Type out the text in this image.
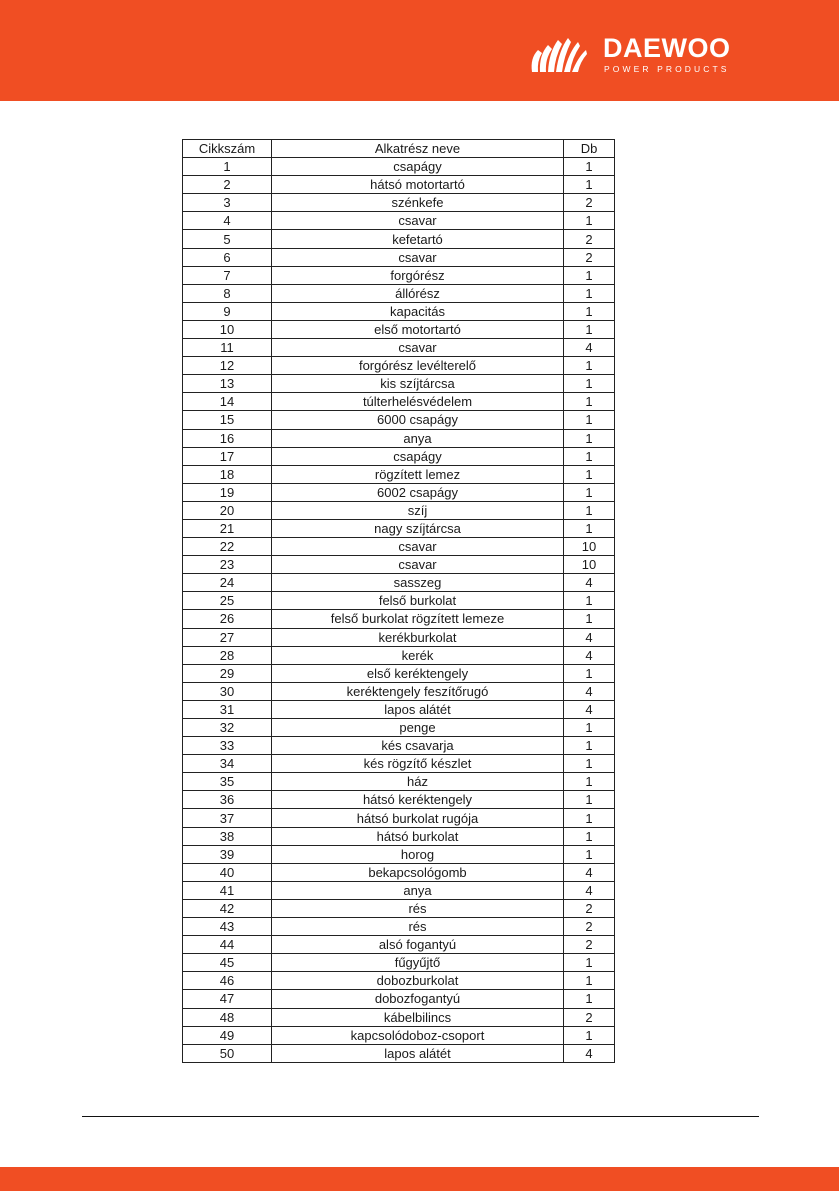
DAEWOO
POWER PRODUCTS
Cikkszám	Alkatrész neve	Db
1	csapágy	1
2	hátsó motortartó	1
3	szénkefe	2
4	csavar	1
5	kefetartó	2
6	csavar	2
7	forgórész	1
8	állórész	1
9	kapacitás	1
10	első motortartó	1
11	csavar	4
12	forgórész levélterelő	1
13	kis szíjtárcsa	1
14	túlterhelésvédelem	1
15	6000 csapágy	1
16	anya	1
17	csapágy	1
18	rögzített lemez	1
19	6002 csapágy	1
20	szíj	1
21	nagy szíjtárcsa	1
22	csavar	10
23	csavar	10
24	sasszeg	4
25	felső burkolat	1
26	felső burkolat rögzített lemeze	1
27	kerékburkolat	4
28	kerék	4
29	első keréktengely	1
30	keréktengely feszítőrugó	4
31	lapos alátét	4
32	penge	1
33	kés csavarja	1
34	kés rögzítő készlet	1
35	ház	1
36	hátsó keréktengely	1
37	hátsó burkolat rugója	1
38	hátsó burkolat	1
39	horog	1
40	bekapcsológomb	4
41	anya	4
42	rés	2
43	rés	2
44	alsó fogantyú	2
45	fűgyűjtő	1
46	dobozburkolat	1
47	dobozfogantyú	1
48	kábelbilincs	2
49	kapcsolódoboz-csoport	1
50	lapos alátét	4
